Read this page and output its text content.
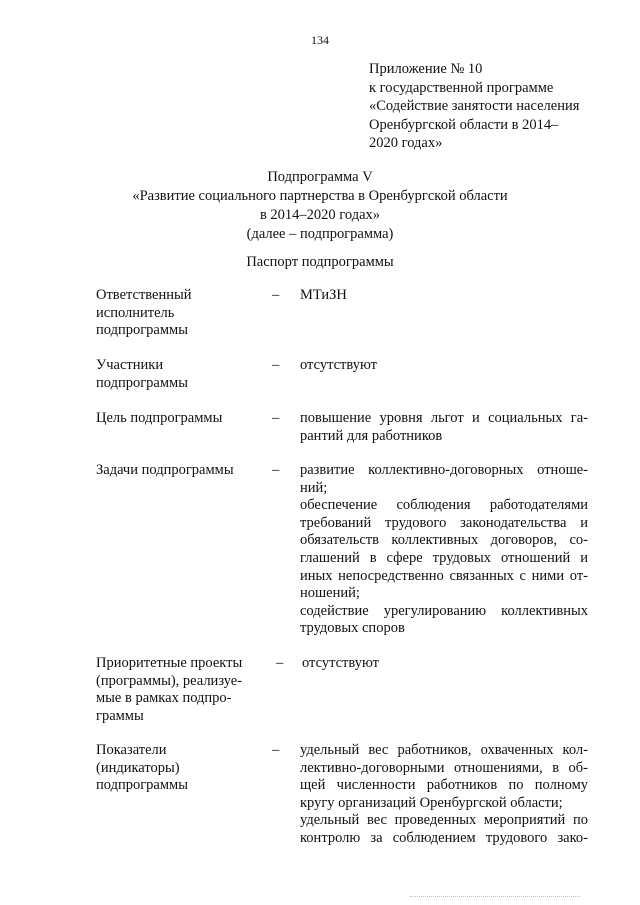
134
Приложение № 10
к государственной программе
«Содействие занятости населения
Оренбургской области в 2014–
2020 годах»
Подпрограмма V
«Развитие социального партнерства в Оренбургской области
в 2014–2020 годах»
(далее – подпрограмма)
Паспорт подпрограммы
Ответственный
исполнитель
подпрограммы
–	МТиЗН
Участники
подпрограммы
–	отсутствуют
Цель подпрограммы	–	повышение уровня льгот и социальных га-
рантий для работников
Задачи подпрограммы	–	развитие коллективно-договорных отноше-
ний;
обеспечение соблюдения работодателями
требований трудового законодательства и
обязательств коллективных договоров, со-
глашений в сфере трудовых отношений и
иных непосредственно связанных с ними от-
ношений;
содействие урегулированию коллективных
трудовых споров
Приоритетные проекты
(программы), реализуе-
мые в рамках подпро-
граммы
–	отсутствуют
Показатели
(индикаторы)
подпрограммы
–	удельный вес работников, охваченных кол-
лективно-договорными отношениями, в об-
щей численности работников по полному
кругу организаций Оренбургской области;
удельный вес проведенных мероприятий по
контролю за соблюдением трудового зако-
